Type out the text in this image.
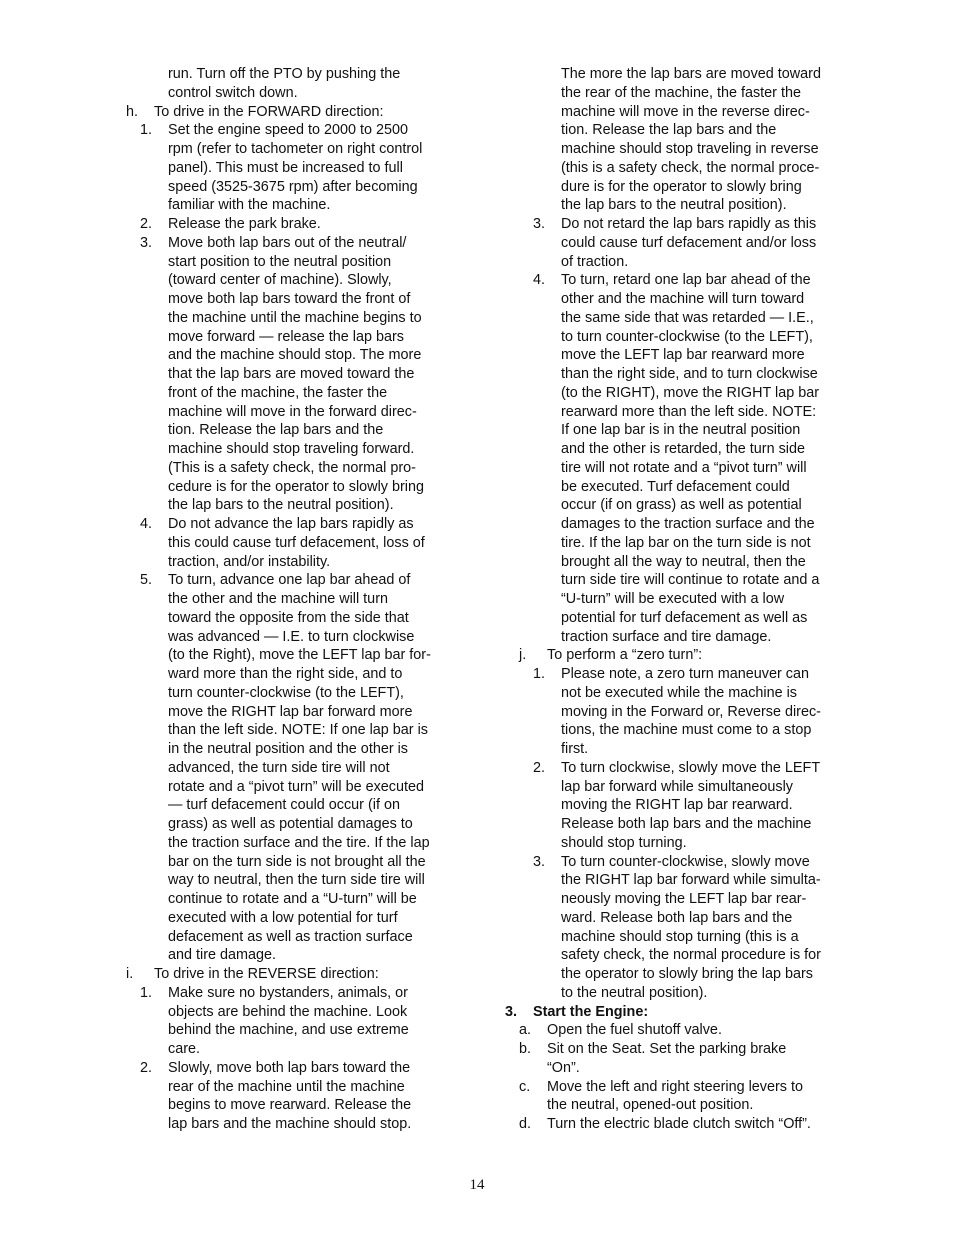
run. Turn off the PTO by pushing the
control switch down.
h. To drive in the FORWARD direction:
1. Set the engine speed to 2000 to 2500
rpm (refer to tachometer on right control
panel). This must be increased to full
speed (3525-3675 rpm) after becoming
familiar with the machine.
2. Release the park brake.
3. Move both lap bars out of the neutral/
start position to the neutral position
(toward center of machine). Slowly,
move both lap bars toward the front of
the machine until the machine begins to
move forward — release the lap bars
and the machine should stop. The more
that the lap bars are moved toward the
front of the machine, the faster the
machine will move in the forward direc-
tion. Release the lap bars and the
machine should stop traveling forward.
(This is a safety check, the normal pro-
cedure is for the operator to slowly bring
the lap bars to the neutral position).
4. Do not advance the lap bars rapidly as
this could cause turf defacement, loss of
traction, and/or instability.
5. To turn, advance one lap bar ahead of
the other and the machine will turn
toward the opposite from the side that
was advanced — I.E. to turn clockwise
(to the Right), move the LEFT lap bar for-
ward more than the right side, and to
turn counter-clockwise (to the LEFT),
move the RIGHT lap bar forward more
than the left side. NOTE: If one lap bar is
in the neutral position and the other is
advanced, the turn side tire will not
rotate and a “pivot turn” will be executed
— turf defacement could occur (if on
grass) as well as potential damages to
the traction surface and the tire. If the lap
bar on the turn side is not brought all the
way to neutral, then the turn side tire will
continue to rotate and a “U-turn” will be
executed with a low potential for turf
defacement as well as traction surface
and tire damage.
i. To drive in the REVERSE direction:
1. Make sure no bystanders, animals, or
objects are behind the machine. Look
behind the machine, and use extreme
care.
2. Slowly, move both lap bars toward the
rear of the machine until the machine
begins to move rearward. Release the
lap bars and the machine should stop.
The more the lap bars are moved toward
the rear of the machine, the faster the
machine will move in the reverse direc-
tion. Release the lap bars and the
machine should stop traveling in reverse
(this is a safety check, the normal proce-
dure is for the operator to slowly bring
the lap bars to the neutral position).
3. Do not retard the lap bars rapidly as this
could cause turf defacement and/or loss
of traction.
4. To turn, retard one lap bar ahead of the
other and the machine will turn toward
the same side that was retarded — I.E.,
to turn counter-clockwise (to the LEFT),
move the LEFT lap bar rearward more
than the right side, and to turn clockwise
(to the RIGHT), move the RIGHT lap bar
rearward more than the left side. NOTE:
If one lap bar is in the neutral position
and the other is retarded, the turn side
tire will not rotate and a “pivot turn” will
be executed. Turf defacement could
occur (if on grass) as well as potential
damages to the traction surface and the
tire. If the lap bar on the turn side is not
brought all the way to neutral, then the
turn side tire will continue to rotate and a
“U-turn” will be executed with a low
potential for turf defacement as well as
traction surface and tire damage.
j. To perform a “zero turn”:
1. Please note, a zero turn maneuver can
not be executed while the machine is
moving in the Forward or, Reverse direc-
tions, the machine must come to a stop
first.
2. To turn clockwise, slowly move the LEFT
lap bar forward while simultaneously
moving the RIGHT lap bar rearward.
Release both lap bars and the machine
should stop turning.
3. To turn counter-clockwise, slowly move
the RIGHT lap bar forward while simulta-
neously moving the LEFT lap bar rear-
ward. Release both lap bars and the
machine should stop turning (this is a
safety check, the normal procedure is for
the operator to slowly bring the lap bars
to the neutral position).
3. Start the Engine:
a. Open the fuel shutoff valve.
b. Sit on the Seat. Set the parking brake
“On”.
c. Move the left and right steering levers to
the neutral, opened-out position.
d. Turn the electric blade clutch switch “Off”.
14
